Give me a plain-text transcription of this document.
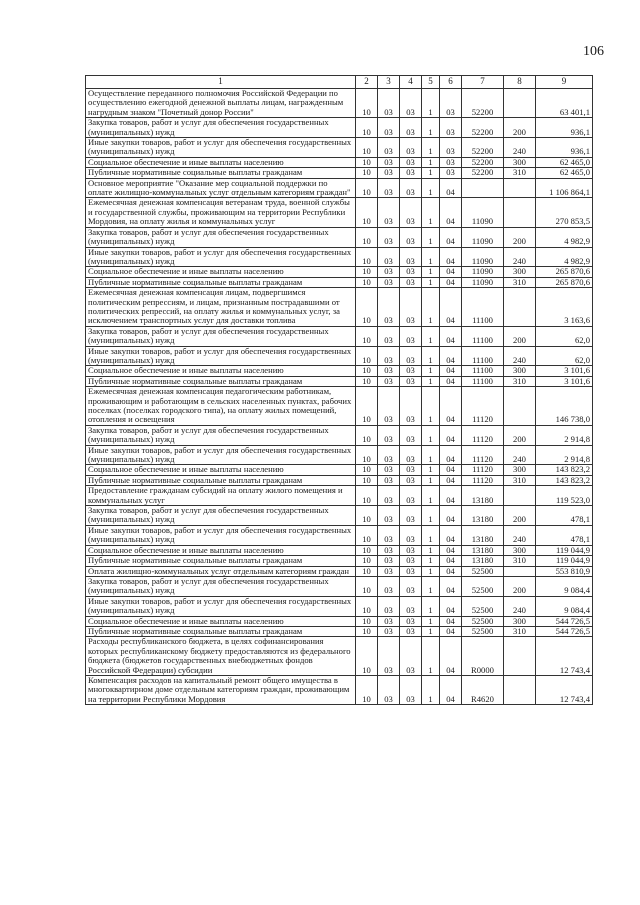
106
1	2	3	4	5	6	7	8	9
Осуществление переданного полномочия Российской Федерации по осуществлению ежегодной денежной выплаты лицам, награжденным нагрудным знаком "Почетный донор России"	10	03	03	1	03	52200		63 401,1
Закупка товаров, работ и услуг для обеспечения государственных (муниципальных) нужд	10	03	03	1	03	52200	200	936,1
Иные закупки товаров, работ и услуг для обеспечения государственных (муниципальных) нужд	10	03	03	1	03	52200	240	936,1
Социальное обеспечение и иные выплаты населению	10	03	03	1	03	52200	300	62 465,0
Публичные нормативные социальные выплаты гражданам	10	03	03	1	03	52200	310	62 465,0
Основное мероприятие "Оказание мер социальной поддержки по оплате жилищно-коммунальных услуг отдельным категориям граждан"	10	03	03	1	04			1 106 864,1
Ежемесячная денежная компенсация ветеранам труда, военной службы и государственной службы, проживающим на территории Республики Мордовия, на оплату жилья и коммунальных услуг	10	03	03	1	04	11090		270 853,5
Закупка товаров, работ и услуг для обеспечения государственных (муниципальных) нужд	10	03	03	1	04	11090	200	4 982,9
Иные закупки товаров, работ и услуг для обеспечения государственных (муниципальных) нужд	10	03	03	1	04	11090	240	4 982,9
Социальное обеспечение и иные выплаты населению	10	03	03	1	04	11090	300	265 870,6
Публичные нормативные социальные выплаты гражданам	10	03	03	1	04	11090	310	265 870,6
Ежемесячная денежная компенсация лицам, подвергшимся политическим репрессиям, и лицам, признанным пострадавшими от политических репрессий, на оплату жилья и коммунальных услуг, за исключением транспортных услуг для доставки топлива	10	03	03	1	04	11100		3 163,6
Закупка товаров, работ и услуг для обеспечения государственных (муниципальных) нужд	10	03	03	1	04	11100	200	62,0
Иные закупки товаров, работ и услуг для обеспечения государственных (муниципальных) нужд	10	03	03	1	04	11100	240	62,0
Социальное обеспечение и иные выплаты населению	10	03	03	1	04	11100	300	3 101,6
Публичные нормативные социальные выплаты гражданам	10	03	03	1	04	11100	310	3 101,6
Ежемесячная денежная компенсация педагогическим работникам, проживающим и работающим в сельских населенных пунктах, рабочих поселках (поселках городского типа), на оплату жилых помещений, отопления и освещения	10	03	03	1	04	11120		146 738,0
Закупка товаров, работ и услуг для обеспечения государственных (муниципальных) нужд	10	03	03	1	04	11120	200	2 914,8
Иные закупки товаров, работ и услуг для обеспечения государственных (муниципальных) нужд	10	03	03	1	04	11120	240	2 914,8
Социальное обеспечение и иные выплаты населению	10	03	03	1	04	11120	300	143 823,2
Публичные нормативные социальные выплаты гражданам	10	03	03	1	04	11120	310	143 823,2
Предоставление гражданам субсидий на оплату жилого помещения и коммунальных услуг	10	03	03	1	04	13180		119 523,0
Закупка товаров, работ и услуг для обеспечения государственных (муниципальных) нужд	10	03	03	1	04	13180	200	478,1
Иные закупки товаров, работ и услуг для обеспечения государственных (муниципальных) нужд	10	03	03	1	04	13180	240	478,1
Социальное обеспечение и иные выплаты населению	10	03	03	1	04	13180	300	119 044,9
Публичные нормативные социальные выплаты гражданам	10	03	03	1	04	13180	310	119 044,9
Оплата жилищно-коммунальных услуг отдельным категориям граждан	10	03	03	1	04	52500		553 810,9
Закупка товаров, работ и услуг для обеспечения государственных (муниципальных) нужд	10	03	03	1	04	52500	200	9 084,4
Иные закупки товаров, работ и услуг для обеспечения государственных (муниципальных) нужд	10	03	03	1	04	52500	240	9 084,4
Социальное обеспечение и иные выплаты населению	10	03	03	1	04	52500	300	544 726,5
Публичные нормативные социальные выплаты гражданам	10	03	03	1	04	52500	310	544 726,5
Расходы республиканского бюджета, в целях софинансирования которых республиканскому бюджету предоставляются из федерального бюджета (бюджетов государственных внебюджетных фондов Российской Федерации) субсидии	10	03	03	1	04	R0000		12 743,4
Компенсация расходов на капитальный ремонт общего имущества в многоквартирном доме отдельным категориям граждан, проживающим на территории Республики Мордовия	10	03	03	1	04	R4620		12 743,4
